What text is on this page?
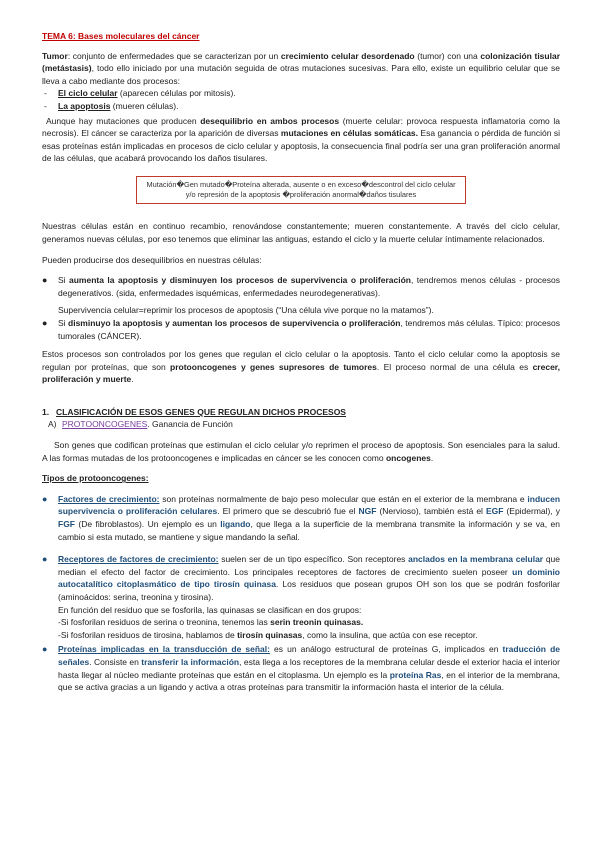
TEMA 6: Bases moleculares del cáncer

Tumor: conjunto de enfermedades que se caracterizan por un crecimiento celular desordenado (tumor) con una colonización tisular (metástasis), todo ello iniciado por una mutación seguida de otras mutaciones sucesivas. Para ello, existe un equilibrio celular que se lleva a cabo mediante dos procesos:

-	El ciclo celular (aparecen células por mitosis).
-	La apoptosis (mueren células).

Aunque hay mutaciones que producen desequilibrio en ambos procesos (muerte celular: provoca respuesta inflamatoria como la necrosis). El cáncer se caracteriza por la aparición de diversas mutaciones en células somáticas. Esa ganancia o pérdida de función si esas proteínas están implicadas en procesos de ciclo celular y apoptosis, la consecuencia final podría ser una gran proliferación anormal de las células, que acabará provocando los daños tisulares.

Mutación�Gen mutado�Proteína alterada, ausente o en exceso�descontrol del ciclo celular y/o represión de la apoptosis �proliferación anormal�daños tisulares

Nuestras células están en continuo recambio, renovándose constantemente; mueren constantemente. A través del ciclo celular, generamos nuevas células, por eso tenemos que eliminar las antiguas, estando el ciclo y la muerte celular íntimamente relacionados.

Pueden producirse dos desequilibrios en nuestras células:

●	Si aumenta la apoptosis y disminuyen los procesos de supervivencia o proliferación, tendremos menos células - procesos degenerativos. (sida, enfermedades isquémicas, enfermedades neurodegenerativas).

Supervivencia celular=reprimir los procesos de apoptosis (“Una célula vive porque no la matamos”).

●	Si disminuyo la apoptosis y aumentan los procesos de supervivencia o proliferación, tendremos más células. Típico: procesos tumorales (CÁNCER).

Estos procesos son controlados por los genes que regulan el ciclo celular o la apoptosis. Tanto el ciclo celular como la apoptosis se regulan por proteínas, que son protooncogenes y genes supresores de tumores. El proceso normal de una célula es crecer, proliferación y muerte.

1. CLASIFICACIÓN DE ESOS GENES QUE REGULAN DICHOS PROCESOS
A) PROTOONCOGENES. Ganancia de Función

Son genes que codifican proteínas que estimulan el ciclo celular y/o reprimen el proceso de apoptosis. Son esenciales para la salud. A las formas mutadas de los protooncogenes e implicadas en cáncer se les conocen como oncogenes.

Tipos de protooncogenes:

●	Factores de crecimiento: son proteínas normalmente de bajo peso molecular que están en el exterior de la membrana e inducen supervivencia o proliferación celulares. El primero que se descubrió fue el NGF (Nervioso), también está el EGF (Epidermal), y FGF (De fibroblastos). Un ejemplo es un ligando, que llega a la superficie de la membrana transmite la información y se va, en cambio si esta mutado, se mantiene y sigue mandando la señal.

●	Receptores de factores de crecimiento: suelen ser de un tipo específico. Son receptores anclados en la membrana celular que median el efecto del factor de crecimiento. Los principales receptores de factores de crecimiento suelen poseer un dominio autocatalítico citoplasmático de tipo tirosín quinasa. Los residuos que posean grupos OH son los que se podrán fosforilar (aminoácidos: serina, treonina y tirosina).

En función del residuo que se fosforila, las quinasas se clasifican en dos grupos:

-Si fosforilan residuos de serina o treonina, tenemos las serin treonin quinasas.

-Si fosforilan residuos de tirosina, hablamos de tirosín quinasas, como la insulina, que actúa con ese receptor.

●	Proteínas implicadas en la transducción de señal: es un análogo estructural de proteínas G, implicados en traducción de señales. Consiste en transferir la información, esta llega a los receptores de la membrana celular desde el exterior hacia el interior hasta llegar al núcleo mediante proteínas que están en el citoplasma. Un ejemplo es la proteína Ras, en el interior de la membrana, que se activa gracias a un ligando y activa a otras proteínas para transmitir la información hasta el interior de la célula.
